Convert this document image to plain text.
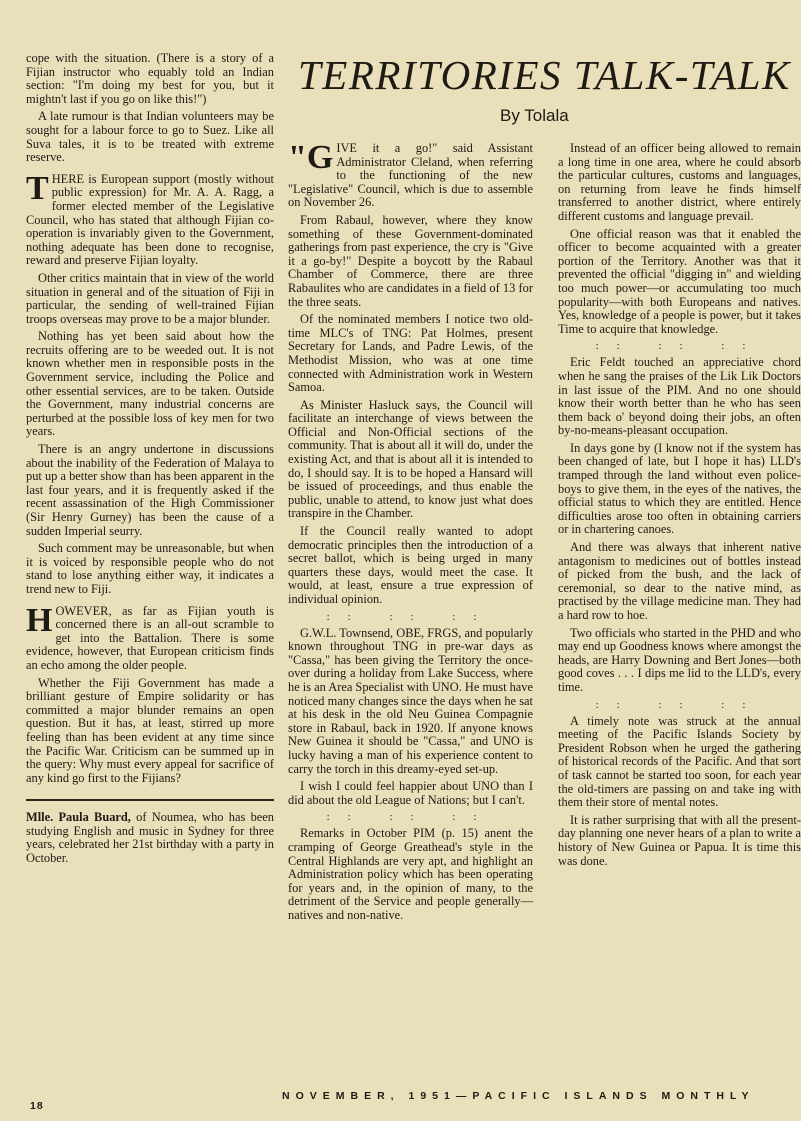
TERRITORIES TALK-TALK
By Tolala

cope with the situation. (There is a story of a Fijian instructor who equably told an Indian section: "I'm doing my best for you, but it mightn't last if you go on like this!")

A late rumour is that Indian volunteers may be sought for a labour force to go to Suez. Like all Suva tales, it is to be treated with extreme reserve.

THERE is European support (mostly without public expression) for Mr. A. A. Ragg, a former elected member of the Legislative Council, who has stated that although Fijian co-operation is invariably given to the Government, nothing adequate has been done to recognise, reward and preserve Fijian loyalty.

Other critics maintain that in view of the world situation in general and of the situation of Fiji in particular, the sending of well-trained Fijian troops overseas may prove to be a major blunder.

Nothing has yet been said about how the recruits offering are to be weeded out. It is not known whether men in responsible posts in the Government service, including the Police and other essential services, are to be taken. Outside the Government, many industrial concerns are perturbed at the possible loss of key men for two years.

There is an angry undertone in discussions about the inability of the Federation of Malaya to put up a better show than has been apparent in the last four years, and it is frequently asked if the recent assassination of the High Commissioner (Sir Henry Gurney) has been the cause of a sudden Imperial seurry.

Such comment may be unreasonable, but when it is voiced by responsible people who do not stand to lose anything either way, it indicates a trend new to Fiji.

HOWEVER, as far as Fijian youth is concerned there is an all-out scramble to get into the Battalion. There is some evidence, however, that European criticism finds an echo among the older people.

Whether the Fiji Government has made a brilliant gesture of Empire solidarity or has committed a major blunder remains an open question. But it has, at least, stirred up more feeling than has been evident at any time since the Pacific War. Criticism can be summed up in the query: Why must every appeal for sacrifice of any kind go first to the Fijians?

Mlle. Paula Buard, of Noumea, who has been studying English and music in Sydney for three years, celebrated her 21st birthday with a party in October.

"GIVE it a go!" said Assistant Administrator Cleland, when referring to the functioning of the new "Legislative" Council, which is due to assemble on November 26.

From Rabaul, however, where they know something of these Government-dominated gatherings from past experience, the cry is "Give it a go-by!" Despite a boycott by the Rabaul Chamber of Commerce, there are three Rabaulites who are candidates in a field of 13 for the three seats.

Of the nominated members I notice two old-time MLC's of TNG: Pat Holmes, present Secretary for Lands, and Padre Lewis, of the Methodist Mission, who was at one time connected with Administration work in Western Samoa.

As Minister Hasluck says, the Council will facilitate an interchange of views between the Official and Non-Official sections of the community. That is about all it will do, under the existing Act, and that is about all it is intended to do, I should say. It is to be hoped a Hansard will be issued of proceedings, and thus enable the public, unable to attend, to know just what does transpire in the Chamber.

If the Council really wanted to adopt democratic principles then the introduction of a secret ballot, which is being urged in many quarters these days, would meet the case. It would, at least, ensure a true expression of individual opinion.

:: :: ::

G.W.L. Townsend, OBE, FRGS, and popularly known throughout TNG in pre-war days as "Cassa," has been giving the Territory the once-over during a holiday from Lake Success, where he is an Area Specialist with UNO. He must have noticed many changes since the days when he sat at his desk in the old Neu Guinea Compagnie store in Rabaul, back in 1920. If anyone knows New Guinea it should be "Cassa," and UNO is lucky having a man of his experience content to carry the torch in this dreamy-eyed set-up.

I wish I could feel happier about UNO than I did about the old League of Nations; but I can't.

:: :: ::

Remarks in October PIM (p. 15) anent the cramping of George Greathead's style in the Central Highlands are very apt, and highlight an Administration policy which has been operating for years and, in the opinion of many, to the detriment of the Service and people generally—natives and non-native.

Instead of an officer being allowed to remain a long time in one area, where he could absorb the particular cultures, customs and languages, on returning from leave he finds himself transferred to another district, where entirely different customs and language prevail.

One official reason was that it enabled the officer to become acquainted with a greater portion of the Territory. Another was that it prevented the official "digging in" and wielding too much power—or accumulating too much popularity—with both Europeans and natives. Yes, knowledge of a people is power, but it takes Time to acquire that knowledge.

:: :: ::

Eric Feldt touched an appreciative chord when he sang the praises of the Lik Lik Doctors in last issue of the PIM. And no one should know their worth better than he who has seen them back o' beyond doing their jobs, an often by-no-means-pleasant occupation.

In days gone by (I know not if the system has been changed of late, but I hope it has) LLD's tramped through the land without even police-boys to give them, in the eyes of the natives, the official status to which they are entitled. Hence difficulties arose too often in obtaining carriers or in chartering canoes.

And there was always that inherent native antagonism to medicines out of bottles instead of picked from the bush, and the lack of ceremonial, so dear to the native mind, as practised by the village medicine man. They had a hard row to hoe.

Two officials who started in the PHD and who may end up Goodness knows where amongst the heads, are Harry Downing and Bert Jones—both good coves . . . I dips me lid to the LLD's, every time.

:: :: ::

A timely note was struck at the annual meeting of the Pacific Islands Society by President Robson when he urged the gathering of historical records of the Pacific. And that sort of task cannot be started too soon, for each year the old-timers are passing on and take ing with them their store of mental notes.

It is rather surprising that with all the present-day planning one never hears of a plan to write a history of New Guinea or Papua. It is time this was done.

18
NOVEMBER, 1951—PACIFIC ISLANDS MONTHLY
